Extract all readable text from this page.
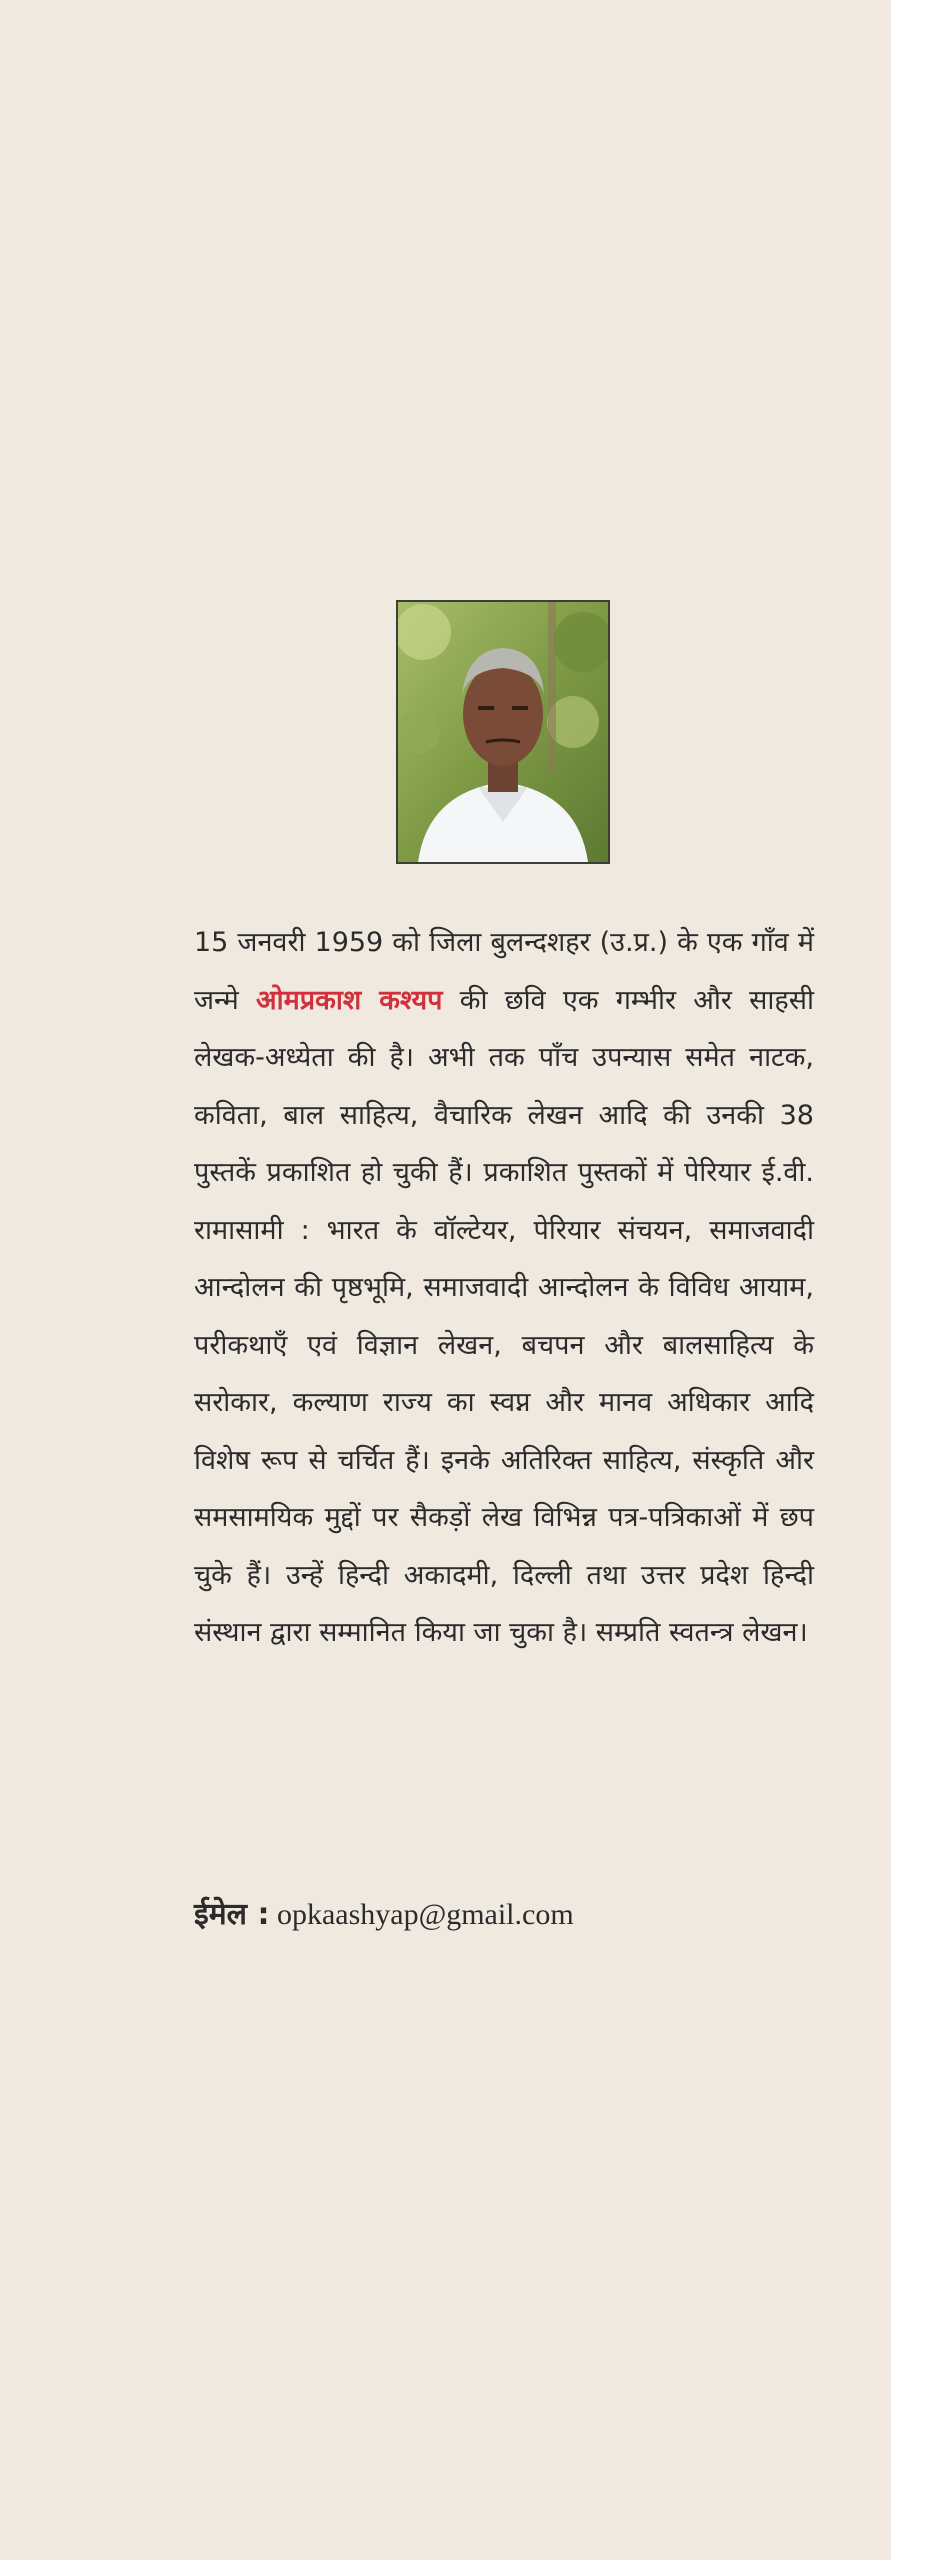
15 जनवरी 1959 को जिला बुलन्दशहर (उ.प्र.) के एक गाँव में जन्मे ओमप्रकाश कश्यप की छवि एक गम्भीर और साहसी लेखक-अध्येता की है। अभी तक पाँच उपन्यास समेत नाटक, कविता, बाल साहित्य, वैचारिक लेखन आदि की उनकी 38 पुस्तकें प्रकाशित हो चुकी हैं। प्रकाशित पुस्तकों में पेरियार ई.वी. रामासामी : भारत के वॉल्टेयर, पेरियार संचयन, समाजवादी आन्दोलन की पृष्ठभूमि, समाजवादी आन्दोलन के विविध आयाम, परीकथाएँ एवं विज्ञान लेखन, बचपन और बालसाहित्य के सरोकार, कल्याण राज्य का स्वप्न और मानव अधिकार आदि विशेष रूप से चर्चित हैं। इनके अतिरिक्त साहित्य, संस्कृति और समसामयिक मुद्दों पर सैकड़ों लेख विभिन्न पत्र-पत्रिकाओं में छप चुके हैं। उन्हें हिन्दी अकादमी, दिल्ली तथा उत्तर प्रदेश हिन्दी संस्थान द्वारा सम्मानित किया जा चुका है। सम्प्रति स्वतन्त्र लेखन।

ईमेल : opkaashyap@gmail.com
